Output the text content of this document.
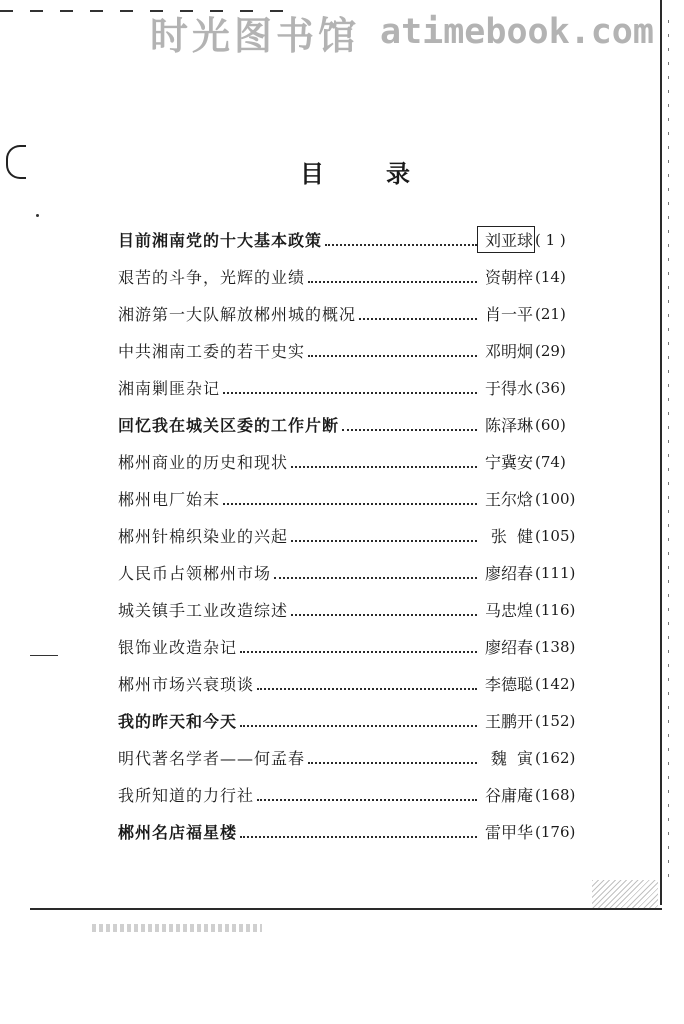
时光图书馆 atimebook.com
目录
目前湘南党的十大基本政策	刘亚球 ( 1 )
艰苦的斗争，光辉的业绩	资朝梓 (14)
湘游第一大队解放郴州城的概况	肖一平 (21)
中共湘南工委的若干史实	邓明炯 (29)
湘南剿匪杂记	于得水 (36)
回忆我在城关区委的工作片断	陈泽琳 (60)
郴州商业的历史和现状	宁冀安 (74)
郴州电厂始末	王尔焓 (100)
郴州针棉织染业的兴起	张  健 (105)
人民币占领郴州市场	廖绍春 (111)
城关镇手工业改造综述	马忠煌 (116)
银饰业改造杂记	廖绍春 (138)
郴州市场兴衰琐谈	李德聪 (142)
我的昨天和今天	王鹏开 (152)
明代著名学者——何孟春	魏  寅 (162)
我所知道的力行社	谷庸庵 (168)
郴州名店福星楼	雷甲华 (176)
